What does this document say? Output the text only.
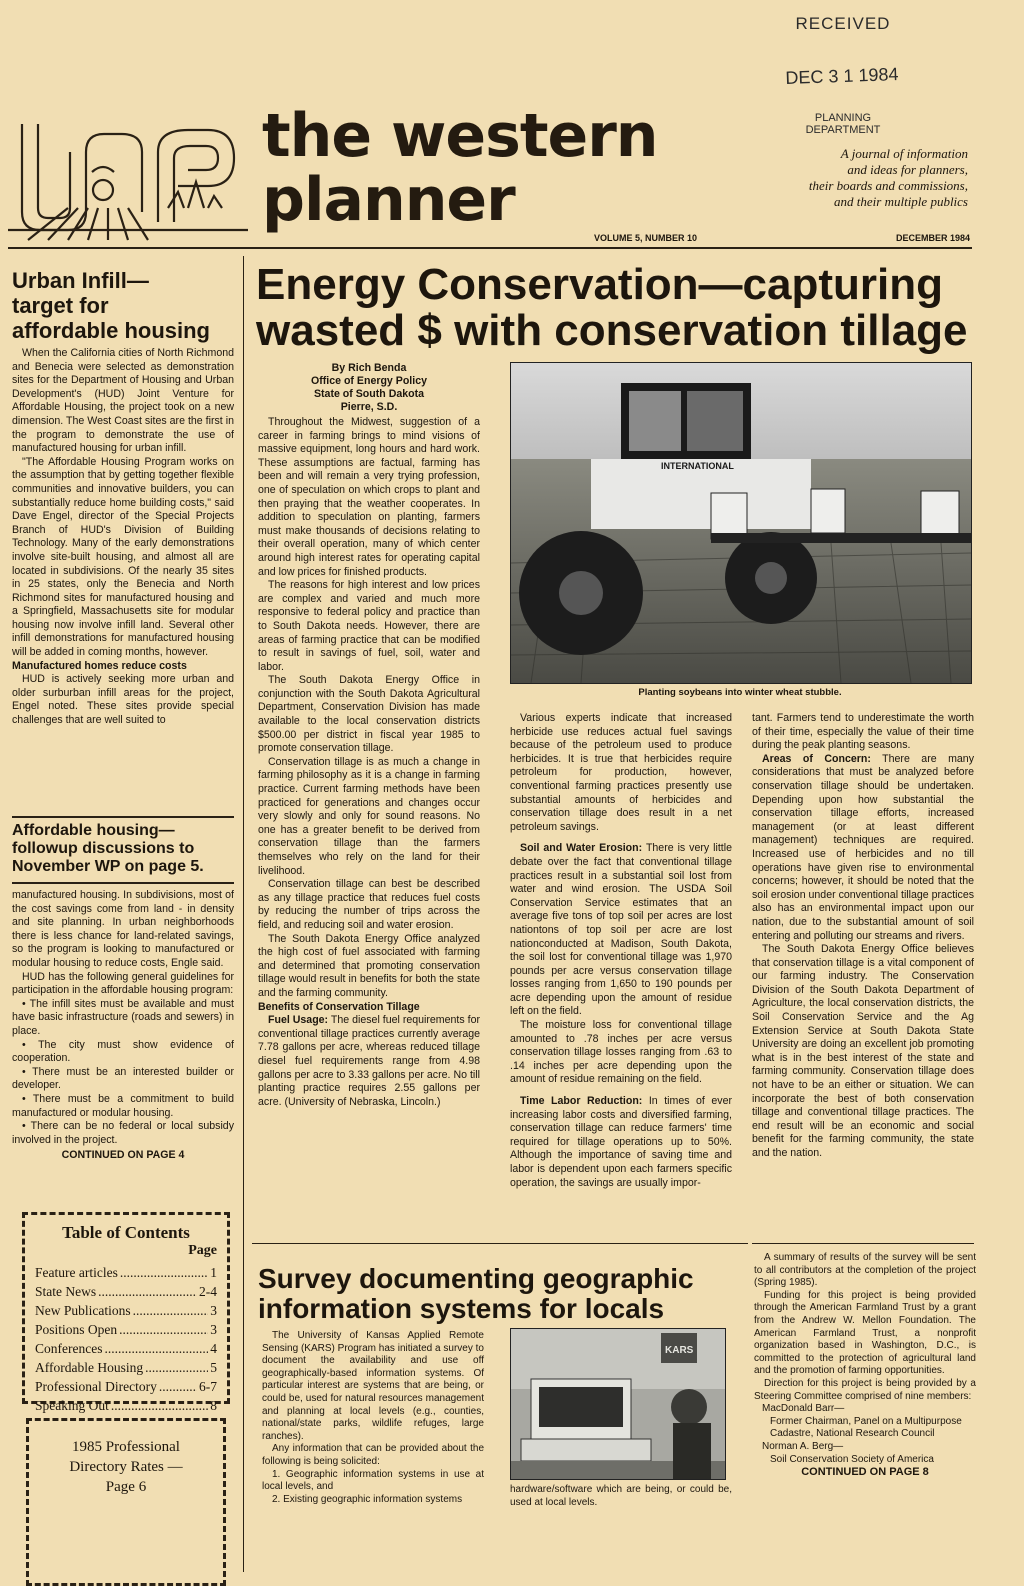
RECEIVED
DEC 3 1 1984
PLANNING
DEPARTMENT
the western
planner
A journal of information
and ideas for planners,
their boards and commissions,
and their multiple publics
VOLUME 5, NUMBER 10	DECEMBER 1984
Urban Infill—
target for
affordable housing

When the California cities of North Richmond and Benecia were selected as demonstration sites for the Department of Housing and Urban Development's (HUD) Joint Venture for Affordable Housing, the project took on a new dimension. The West Coast sites are the first in the program to demonstrate the use of manufactured housing for urban infill.

"The Affordable Housing Program works on the assumption that by getting together flexible communities and innovative builders, you can substantially reduce home building costs," said Dave Engel, director of the Special Projects Branch of HUD's Division of Building Technology. Many of the early demonstrations involve site-built housing, and almost all are located in subdivisions. Of the nearly 35 sites in 25 states, only the Benecia and North Richmond sites for manufactured housing and a Springfield, Massachusetts site for modular housing now involve infill land. Several other infill demonstrations for manufactured housing will be added in coming months, however.

Manufactured homes reduce costs

HUD is actively seeking more urban and older surburban infill areas for the project, Engel noted. These sites provide special challenges that are well suited to

Affordable housing—
followup discussions to
November WP on page 5.

manufactured housing. In subdivisions, most of the cost savings come from land - in density and site planning. In urban neighborhoods there is less chance for land-related savings, so the program is looking to manufactured or modular housing to reduce costs, Engle said.

HUD has the following general guidelines for participation in the affordable housing program:

• The infill sites must be available and must have basic infrastructure (roads and sewers) in place.

• The city must show evidence of cooperation.

• There must be an interested builder or developer.

• There must be a commitment to build manufactured or modular housing.

• There can be no federal or local subsidy involved in the project.

CONTINUED ON PAGE 4

Table of Contents
Page
Feature articles .....	1
State News .....	2-4
New Publications .....	3
Positions Open .....	3
Conferences .....	4
Affordable Housing .....	5
Professional Directory .....	6-7
Speaking Out .....	8
1985 Professional
Directory Rates —
Page 6
Energy Conservation—capturing
wasted $ with conservation tillage
By Rich Benda
Office of Energy Policy
State of South Dakota
Pierre, S.D.

Throughout the Midwest, suggestion of a career in farming brings to mind visions of massive equipment, long hours and hard work. These assumptions are factual, farming has been and will remain a very trying profession, one of speculation on which crops to plant and then praying that the weather cooperates. In addition to speculation on planting, farmers must make thousands of decisions relating to their overall operation, many of which center around high interest rates for operating capital and low prices for finished products.

The reasons for high interest and low prices are complex and varied and much more responsive to federal policy and practice than to South Dakota needs. However, there are areas of farming practice that can be modified to result in savings of fuel, soil, water and labor.

The South Dakota Energy Office in conjunction with the South Dakota Agricultural Department, Conservation Division has made available to the local conservation districts $500.00 per district in fiscal year 1985 to promote conservation tillage.

Conservation tillage is as much a change in farming philosophy as it is a change in farming practice. Current farming methods have been practiced for generations and changes occur very slowly and only for sound reasons. No one has a greater benefit to be derived from conservation tillage than the farmers themselves who rely on the land for their livelihood.

Conservation tillage can best be described as any tillage practice that reduces fuel costs by reducing the number of trips across the field, and reducing soil and water erosion.

The South Dakota Energy Office analyzed the high cost of fuel associated with farming and determined that promoting conservation tillage would result in benefits for both the state and the farming community.

Benefits of Conservation Tillage

Fuel Usage: The diesel fuel requirements for conventional tillage practices currently average 7.78 gallons per acre, whereas reduced tillage diesel fuel requirements range from 4.98 gallons per acre to 3.33 gallons per acre. No till planting practice requires 2.55 gallons per acre. (University of Nebraska, Lincoln.)

INTERNATIONAL
Planting soybeans into winter wheat stubble.

Various experts indicate that increased herbicide use reduces actual fuel savings because of the petroleum used to produce herbicides. It is true that herbicides require petroleum for production, however, conventional farming practices presently use substantial amounts of herbicides and conservation tillage does result in a net petroleum savings.

Soil and Water Erosion: There is very little debate over the fact that conventional tillage practices result in a substantial soil lost from water and wind erosion. The USDA Soil Conservation Service estimates that an average five tons of top soil per acres are lost nationtons of top soil per acre are lost nationconducted at Madison, South Dakota, the soil lost for conventional tillage was 1,970 pounds per acre versus conservation tillage losses ranging from 1,650 to 190 pounds per acre depending upon the amount of residue left on the field.

The moisture loss for conventional tillage amounted to .78 inches per acre versus conservation tillage losses ranging from .63 to .14 inches per acre depending upon the amount of residue remaining on the field.

Time Labor Reduction: In times of ever increasing labor costs and diversified farming, conservation tillage can reduce farmers' time required for tillage operations up to 50%. Although the importance of saving time and labor is dependent upon each farmers specific operation, the savings are usually impor-

tant. Farmers tend to underestimate the worth of their time, especially the value of their time during the peak planting seasons.

Areas of Concern: There are many considerations that must be analyzed before conservation tillage should be undertaken. Depending upon how substantial the conservation tillage efforts, increased management (or at least different management) techniques are required. Increased use of herbicides and no till operations have given rise to environmental concerns; however, it should be noted that the soil erosion under conventional tillage practices also has an environmental impact upon our nation, due to the substantial amount of soil entering and polluting our streams and rivers.

The South Dakota Energy Office believes that conservation tillage is a vital component of our farming industry. The Conservation Division of the South Dakota Department of Agriculture, the local conservation districts, the Soil Conservation Service and the Ag Extension Service at South Dakota State University are doing an excellent job promoting what is in the best interest of the state and farming community. Conservation tillage does not have to be an either or situation. We can incorporate the best of both conservation tillage and conventional tillage practices. The end result will be an economic and social benefit for the farming community, the state and the nation.

Survey documenting geographic
information systems for locals

The University of Kansas Applied Remote Sensing (KARS) Program has initiated a survey to document the availability and use off geographically-based information systems. Of particular interest are systems that are being, or could be, used for natural resources management and planning at local levels (e.g., counties, national/state parks, wildlife refuges, large ranches).

Any information that can be provided about the following is being solicited:

1. Geographic information systems in use at local levels, and

2. Existing geographic information systems

KARS

hardware/software which are being, or could be, used at local levels.

A summary of results of the survey will be sent to all contributors at the completion of the project (Spring 1985).

Funding for this project is being provided through the American Farmland Trust by a grant from the Andrew W. Mellon Foundation. The American Farmland Trust, a nonprofit organization based in Washington, D.C., is committed to the protection of agricultural land and the promotion of farming opportunities.

Direction for this project is being provided by a Steering Committee comprised of nine members:

MacDonald Barr—

Former Chairman, Panel on a Multipurpose Cadastre, National Research Council

Norman A. Berg—

Soil Conservation Society of America

CONTINUED ON PAGE 8
